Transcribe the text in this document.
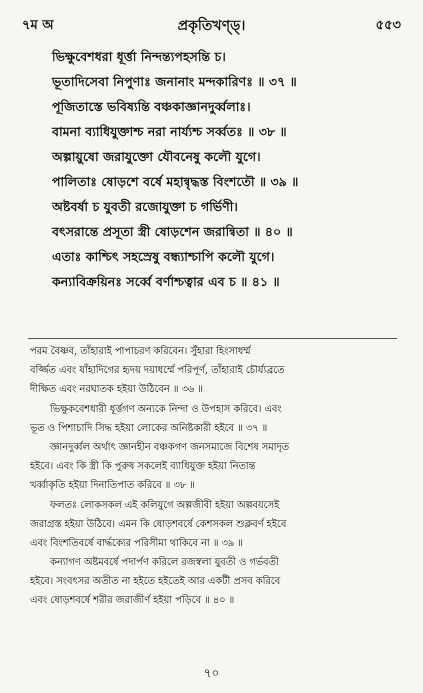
৭ম অ	প্রকৃতিখণ্ড্।	৫৫৩
ভিক্ষুবেশধরা ধূর্ত্তা নিন্দন্ত্যপহসন্তি চ।
ভূতাদিসেবা নিপুণাঃ জনানাং মন্দকারিণঃ ॥ ৩৭ ॥
পূজিতাস্তে ভবিষ্যন্তি বঞ্চকাজ্ঞানদুর্ব্বলাঃ।
বামনা ব্যাধিযুক্তাশ্চ নরা নার্য্যশ্চ সর্ব্বতঃ ॥ ৩৮ ॥
অল্পায়ুষো জরাযুক্তো যৌবনেষু কলৌ যুগে।
পালিতাঃ ষোড়শে বর্ষে মহান্বৃদ্ধস্ত বিংশতৌ ॥ ৩৯ ॥
অষ্টবর্ষা চ যুবতী রজোযুক্তা চ গর্ভিণী।
বৎসরান্তে প্রসূতা স্ত্রী ষোড়শেন জরান্বিতা ॥ ৪০ ॥
এতাঃ কাশ্চিৎ সহস্রেষু বন্ধ্যাশ্চাপি কলৌ যুগে।
কন্যাবিক্রয়িনঃ সর্ব্বে বর্ণাশ্চত্বার এব চ ॥ ৪১ ॥
পরম বৈষ্ণব, তাঁহারাই পাপাচরণ করিবেন। সুঁহারা হিংসাধর্ম্ম
বর্জ্জিত এবং যাঁহাদিগের হৃদয় দয়াধর্ম্মে পরিপূর্ণ, তাঁহারাই চৌর্য্যব্রতে
দীক্ষিত এবং নরঘাতক হইয়া উঠিবেন ॥ ৩৬ ॥
ভিক্ষুকবেশধারী ধূর্ত্তগণ অন্যকে নিন্দা ও উপহাস করিবে। এবং
ভূত ও পিশাচাদি সিদ্ধ হইয়া লোকের অনিষ্টকারী হইবে ॥ ৩৭ ॥
জ্ঞানদুর্ব্বল অর্থাৎ জ্ঞানহীন বঞ্চকগণ জনসমাজে বিশেষ সমাদৃত
হইবে। এবং কি স্ত্রী কি পুরুষ সকলেই ব্যাধিযুক্ত হইয়া নিতান্ত
খর্ব্বাকৃতি হইয়া দিনাতিপাত করিবে ॥ ৩৮ ॥
ফলতঃ লোকসকল এই কলিযুগে অল্পজীবী হইয়া অল্পবয়সেই
জরাগ্রস্ত হইয়া উঠিবে। এমন কি ষোড়শবর্ষে কেশসকল শুক্লবর্ণ হইবে
এবং বিংশতিবর্ষে বার্দ্ধক্যের পরিসীমা থাকিবে না ॥ ৩৯ ॥
কন্যাগণ অষ্টমবর্ষে পদার্পণ করিলে রজস্বলা যুবতী ও গর্ভবতী
হইবে। সংবৎসর অতীত না হইতে হইতেই আর একটী প্রসব করিবে
এবং ষোড়শবর্ষে শরীর জরাজীর্ণ হইয়া পড়িবে ॥ ৪০ ॥
৭০
